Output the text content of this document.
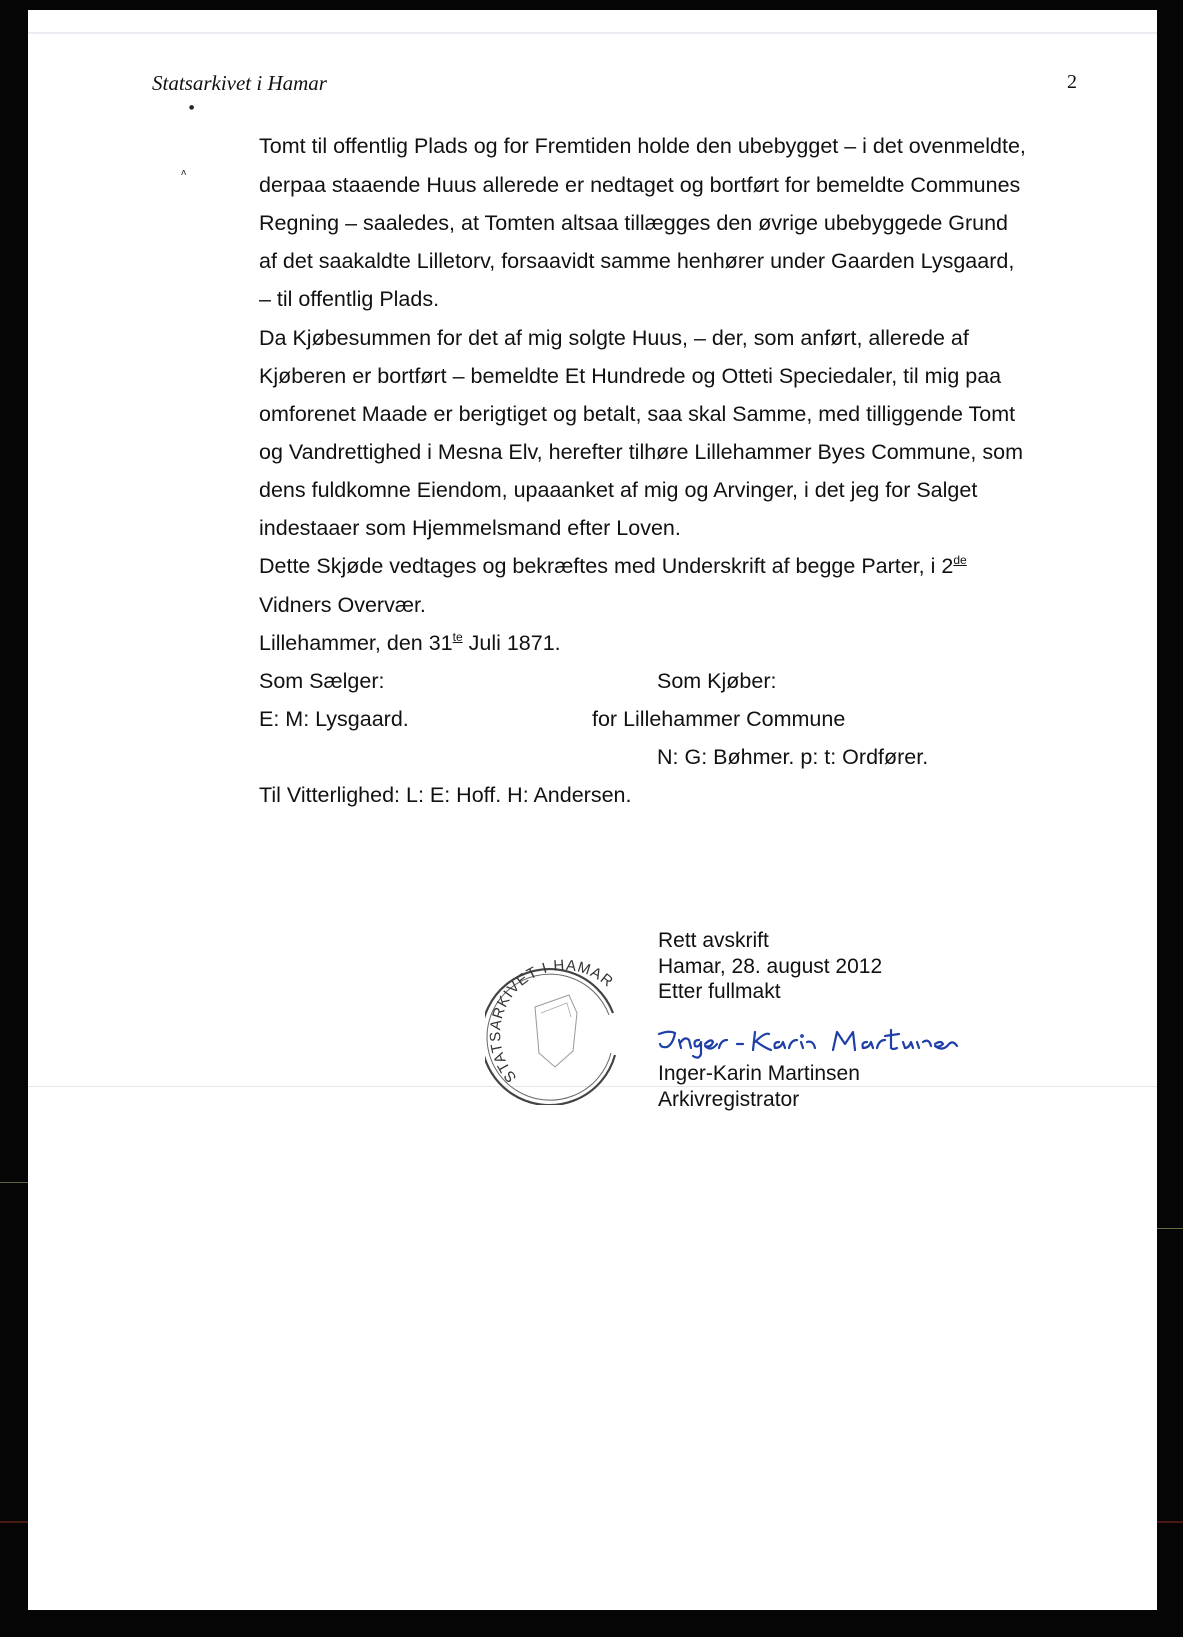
Statsarkivet i Hamar	2
●
ʌ
Tomt til offentlig Plads og for Fremtiden holde den ubebygget – i det ovenmeldte,
derpaa staaende Huus allerede er nedtaget og bortført for bemeldte Communes
Regning – saaledes, at Tomten altsaa tillægges den øvrige ubebyggede Grund
af det saakaldte Lilletorv, forsaavidt samme henhører under Gaarden Lysgaard,
– til offentlig Plads.
Da Kjøbesummen for det af mig solgte Huus, – der, som anført, allerede af
Kjøberen er bortført – bemeldte Et Hundrede og Otteti Speciedaler, til mig paa
omforenet Maade er berigtiget og betalt, saa skal Samme, med tilliggende Tomt
og Vandrettighed i Mesna Elv, herefter tilhøre Lillehammer Byes Commune, som
dens fuldkomne Eiendom, upaaanket af mig og Arvinger, i det jeg for Salget
indestaaer som Hjemmelsmand efter Loven.
Dette Skjøde vedtages og bekræftes med Underskrift af begge Parter, i 2de
Vidners Overvær.
Lillehammer, den $31^{te}$ Juli 1871.
Som Sælger:	Som Kjøber:
E: M: Lysgaard.	for Lillehammer Commune
N: G: Bøhmer. p: t: Ordfører.
Til Vitterlighed: L: E: Hoff. H: Andersen.
STATSARKIVET I HAMAR
Rett avskrift
Hamar, 28. august 2012
Etter fullmakt
Inger-Karin Martinsen
Arkivregistrator
